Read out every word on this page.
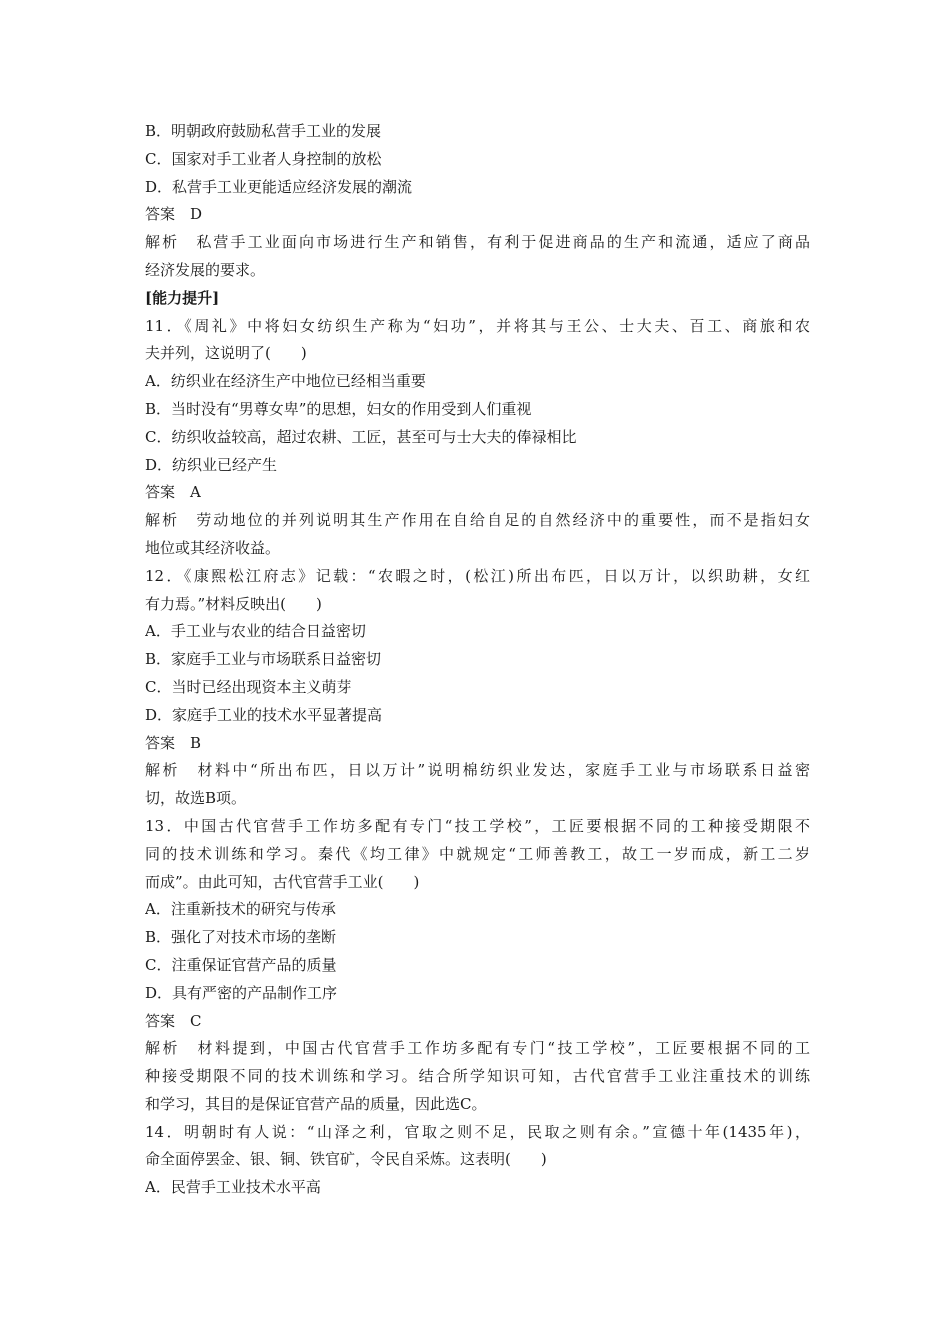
B．明朝政府鼓励私营手工业的发展
C．国家对手工业者人身控制的放松
D．私营手工业更能适应经济发展的潮流
答案　D
解析　私营手工业面向市场进行生产和销售，有利于促进商品的生产和流通，适应了商品
经济发展的要求。
[能力提升]
11．《周礼》中将妇女纺织生产称为“妇功”，并将其与王公、士大夫、百工、商旅和农
夫并列，这说明了(　　)
A．纺织业在经济生产中地位已经相当重要
B．当时没有“男尊女卑”的思想，妇女的作用受到人们重视
C．纺织收益较高，超过农耕、工匠，甚至可与士大夫的俸禄相比
D．纺织业已经产生
答案　A
解析　劳动地位的并列说明其生产作用在自给自足的自然经济中的重要性，而不是指妇女
地位或其经济收益。
12．《康熙松江府志》记载：“农暇之时，(松江)所出布匹，日以万计，以织助耕，女红
有力焉。”材料反映出(　　)
A．手工业与农业的结合日益密切
B．家庭手工业与市场联系日益密切
C．当时已经出现资本主义萌芽
D．家庭手工业的技术水平显著提高
答案　B
解析　材料中“所出布匹，日以万计”说明棉纺织业发达，家庭手工业与市场联系日益密
切，故选B项。
13．中国古代官营手工作坊多配有专门“技工学校”，工匠要根据不同的工种接受期限不
同的技术训练和学习。秦代《均工律》中就规定“工师善教工，故工一岁而成，新工二岁
而成”。由此可知，古代官营手工业(　　)
A．注重新技术的研究与传承
B．强化了对技术市场的垄断
C．注重保证官营产品的质量
D．具有严密的产品制作工序
答案　C
解析　材料提到，中国古代官营手工作坊多配有专门“技工学校”，工匠要根据不同的工
种接受期限不同的技术训练和学习。结合所学知识可知，古代官营手工业注重技术的训练
和学习，其目的是保证官营产品的质量，因此选C。
14．明朝时有人说：“山泽之利，官取之则不足，民取之则有余。”宣德十年(1435年)，
命全面停罢金、银、铜、铁官矿，令民自采炼。这表明(　　)
A．民营手工业技术水平高
